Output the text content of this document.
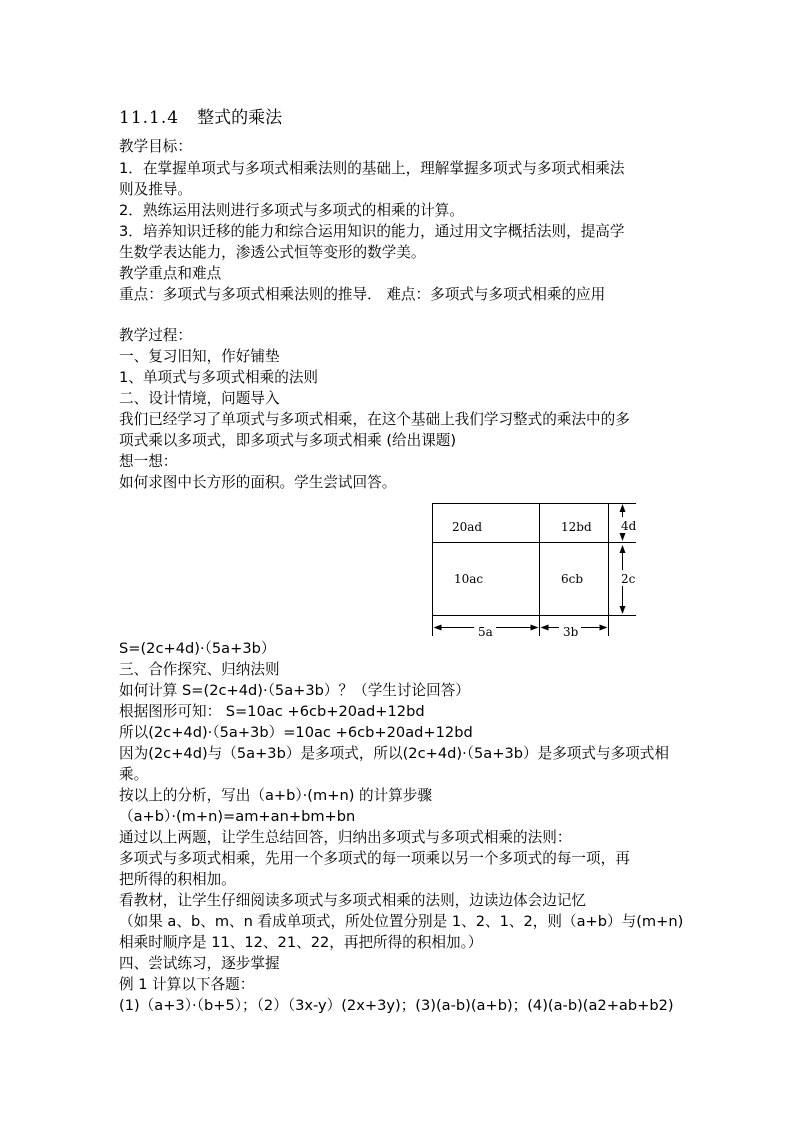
11.1.4 整式的乘法
教学目标：
1．在掌握单项式与多项式相乘法则的基础上，理解掌握多项式与多项式相乘法
则及推导。
2．熟练运用法则进行多项式与多项式的相乘的计算。
3．培养知识迁移的能力和综合运用知识的能力，通过用文字概括法则，提高学
生数学表达能力，渗透公式恒等变形的数学美。
教学重点和难点
重点：多项式与多项式相乘法则的推导． 难点：多项式与多项式相乘的应用
教学过程：
一、复习旧知，作好铺垫
1、单项式与多项式相乘的法则
二、设计情境，问题导入
我们已经学习了单项式与多项式相乘，在这个基础上我们学习整式的乘法中的多
项式乘以多项式，即多项式与多项式相乘 (给出课题)
想一想：
如何求图中长方形的面积。学生尝试回答。
20ad	12bd
10ac	6cb
4d
2c
5a	3b
S=(2c+4d)·（5a+3b）
三、合作探究、归纳法则
如何计算 S=(2c+4d)·（5a+3b）？（学生讨论回答）
根据图形可知： S=10ac +6cb+20ad+12bd
所以(2c+4d)·（5a+3b）=10ac +6cb+20ad+12bd
因为(2c+4d)与（5a+3b）是多项式，所以(2c+4d)·（5a+3b）是多项式与多项式相
乘。
按以上的分析，写出（a+b）·(m+n) 的计算步骤
（a+b）·(m+n)=am+an+bm+bn
通过以上两题，让学生总结回答，归纳出多项式与多项式相乘的法则：
多项式与多项式相乘，先用一个多项式的每一项乘以另一个多项式的每一项，再
把所得的积相加。
看教材，让学生仔细阅读多项式与多项式相乘的法则，边读边体会边记忆
（如果 a、b、m、n 看成单项式，所处位置分别是 1、2、1、2，则（a+b）与(m+n)
相乘时顺序是 11、12、21、22，再把所得的积相加。）
四、尝试练习，逐步掌握
例 1 计算以下各题：
(1)（a+3）·（b+5）；（2）（3x-y）(2x+3y)；(3)(a-b)(a+b)；(4)(a-b)(a2+ab+b2)
